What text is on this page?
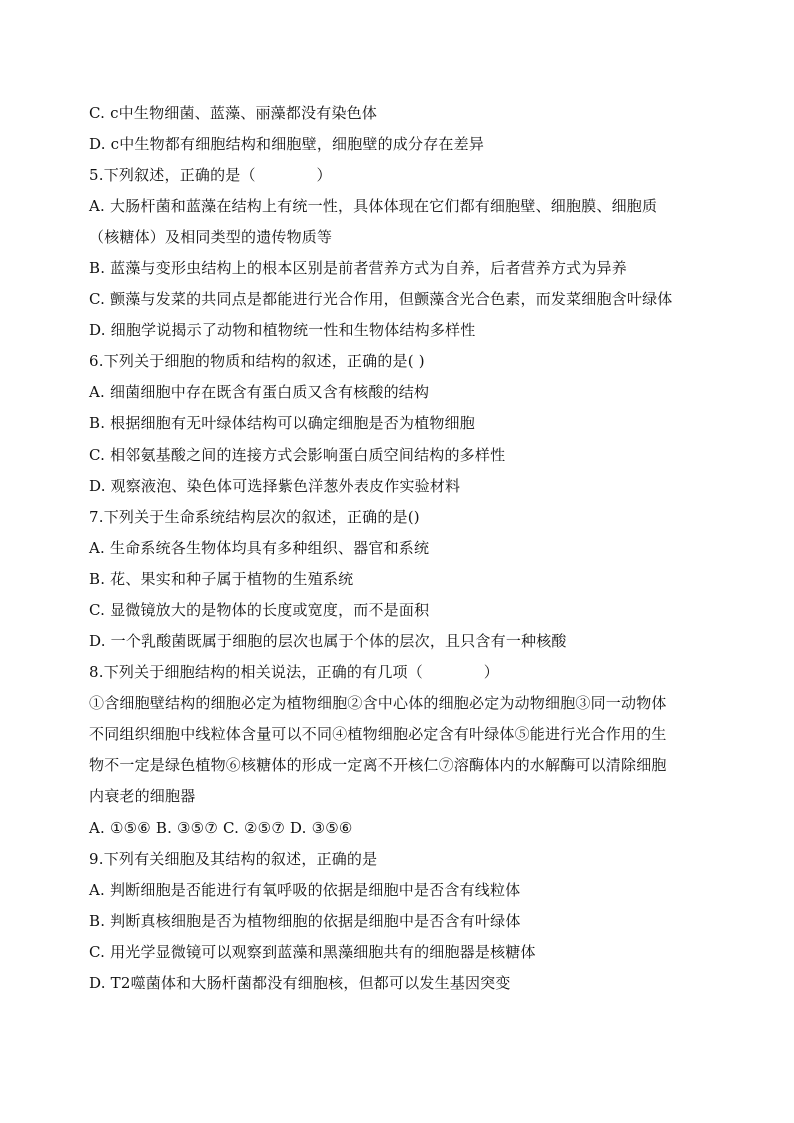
C. c中生物细菌、蓝藻、丽藻都没有染色体
D. c中生物都有细胞结构和细胞壁，细胞壁的成分存在差异
5.下列叙述，正确的是（　　　　）
A. 大肠杆菌和蓝藻在结构上有统一性，具体体现在它们都有细胞壁、细胞膜、细胞质
（核糖体）及相同类型的遗传物质等
B. 蓝藻与变形虫结构上的根本区别是前者营养方式为自养，后者营养方式为异养
C. 颤藻与发菜的共同点是都能进行光合作用，但颤藻含光合色素，而发菜细胞含叶绿体
D. 细胞学说揭示了动物和植物统一性和生物体结构多样性
6.下列关于细胞的物质和结构的叙述，正确的是( )
A. 细菌细胞中存在既含有蛋白质又含有核酸的结构
B. 根据细胞有无叶绿体结构可以确定细胞是否为植物细胞
C. 相邻氨基酸之间的连接方式会影响蛋白质空间结构的多样性
D. 观察液泡、染色体可选择紫色洋葱外表皮作实验材料
7.下列关于生命系统结构层次的叙述，正确的是()
A. 生命系统各生物体均具有多种组织、器官和系统
B. 花、果实和种子属于植物的生殖系统
C. 显微镜放大的是物体的长度或宽度，而不是面积
D. 一个乳酸菌既属于细胞的层次也属于个体的层次，且只含有一种核酸
8.下列关于细胞结构的相关说法，正确的有几项（　　　　）
①含细胞壁结构的细胞必定为植物细胞②含中心体的细胞必定为动物细胞③同一动物体
不同组织细胞中线粒体含量可以不同④植物细胞必定含有叶绿体⑤能进行光合作用的生
物不一定是绿色植物⑥核糖体的形成一定离不开核仁⑦溶酶体内的水解酶可以清除细胞
内衰老的细胞器
A. ①⑤⑥ B. ③⑤⑦ C. ②⑤⑦ D. ③⑤⑥
9.下列有关细胞及其结构的叙述，正确的是
A. 判断细胞是否能进行有氧呼吸的依据是细胞中是否含有线粒体
B. 判断真核细胞是否为植物细胞的依据是细胞中是否含有叶绿体
C. 用光学显微镜可以观察到蓝藻和黑藻细胞共有的细胞器是核糖体
D. T2噬菌体和大肠杆菌都没有细胞核，但都可以发生基因突变
